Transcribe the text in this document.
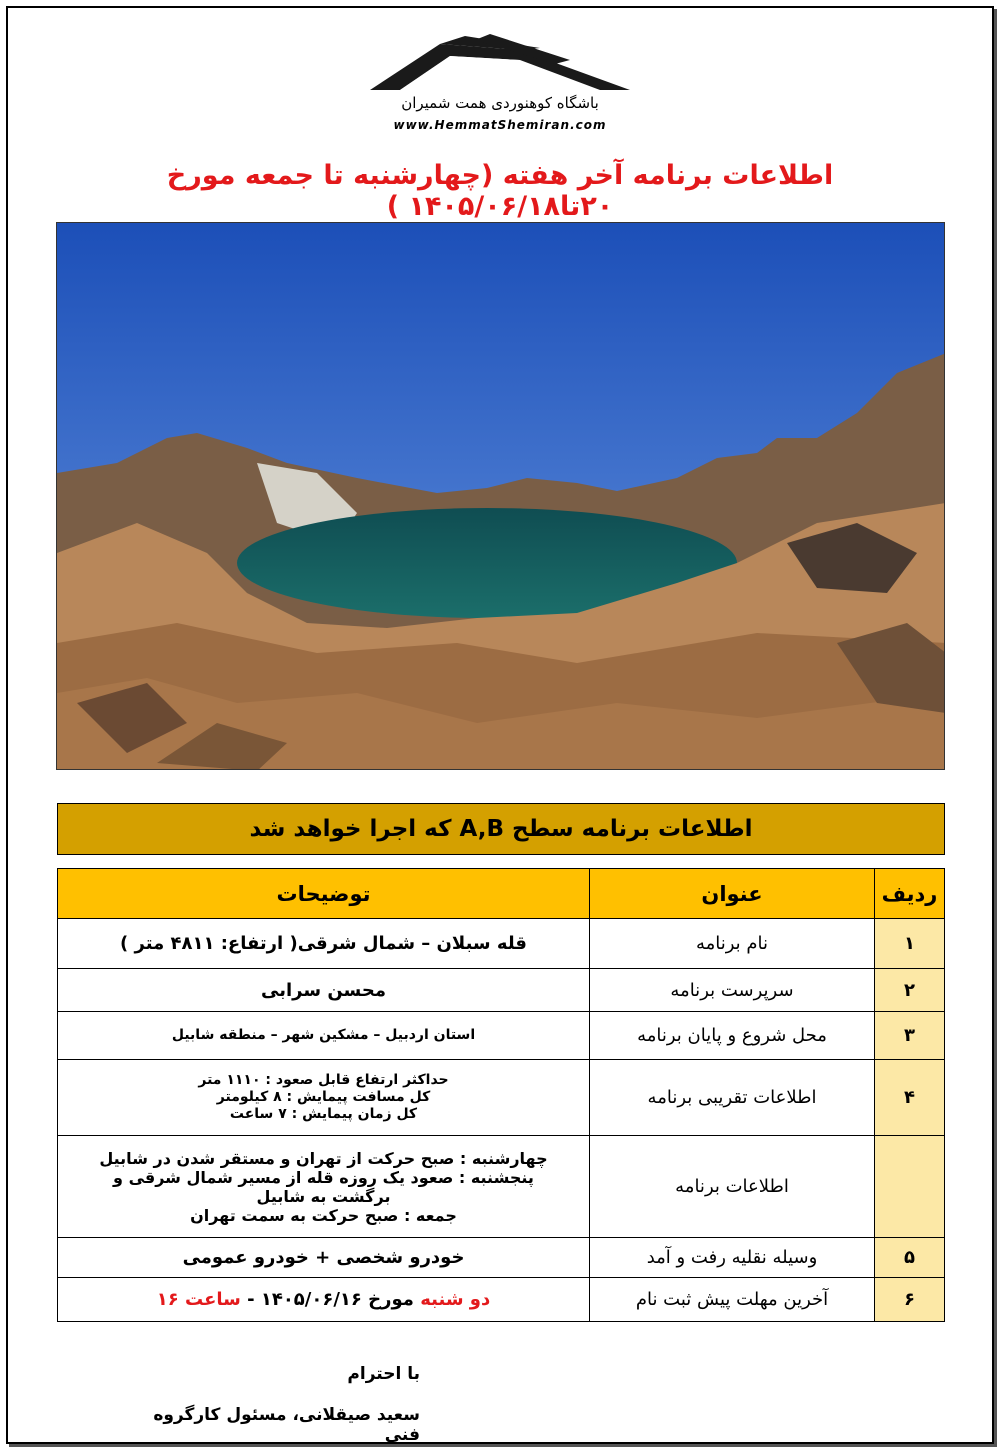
باشگاه کوهنوردی همت شمیران
www.HemmatShemiran.com
اطلاعات برنامه آخر هفته (چهارشنبه تا جمعه مورخ ۲۰تا۱۴۰۵/۰۶/۱۸ )
اطلاعات برنامه سطح A,B که اجرا خواهد شد
ردیف	عنوان	توضیحات
۱	نام برنامه	قله سبلان – شمال شرقی( ارتفاع: ۴۸۱۱ متر )
۲	سرپرست برنامه	محسن سرابی
۳	محل شروع و پایان برنامه	استان اردبیل – مشکین شهر – منطقه شابیل
۴	اطلاعات تقریبی برنامه	حداکثر ارتفاع قابل صعود : ۱۱۱۰ متر
کل مسافت پیمایش : ۸ کیلومتر
کل زمان پیمایش : ۷ ساعت

	اطلاعات برنامه	چهارشنبه : صبح حرکت از تهران و مستقر شدن در شابیل
پنجشنبه : صعود یک روزه قله از مسیر شمال شرقی و
برگشت به شابیل
جمعه : صبح حرکت به سمت تهران

۵	وسیله نقلیه رفت و آمد	خودرو شخصی + خودرو عمومی
۶	آخرین مهلت پیش ثبت نام	دو شنبه مورخ ۱۴۰۵/۰۶/۱۶ - ساعت ۱۶
با احترام
سعید صیقلانی، مسئول کارگروه فنی
